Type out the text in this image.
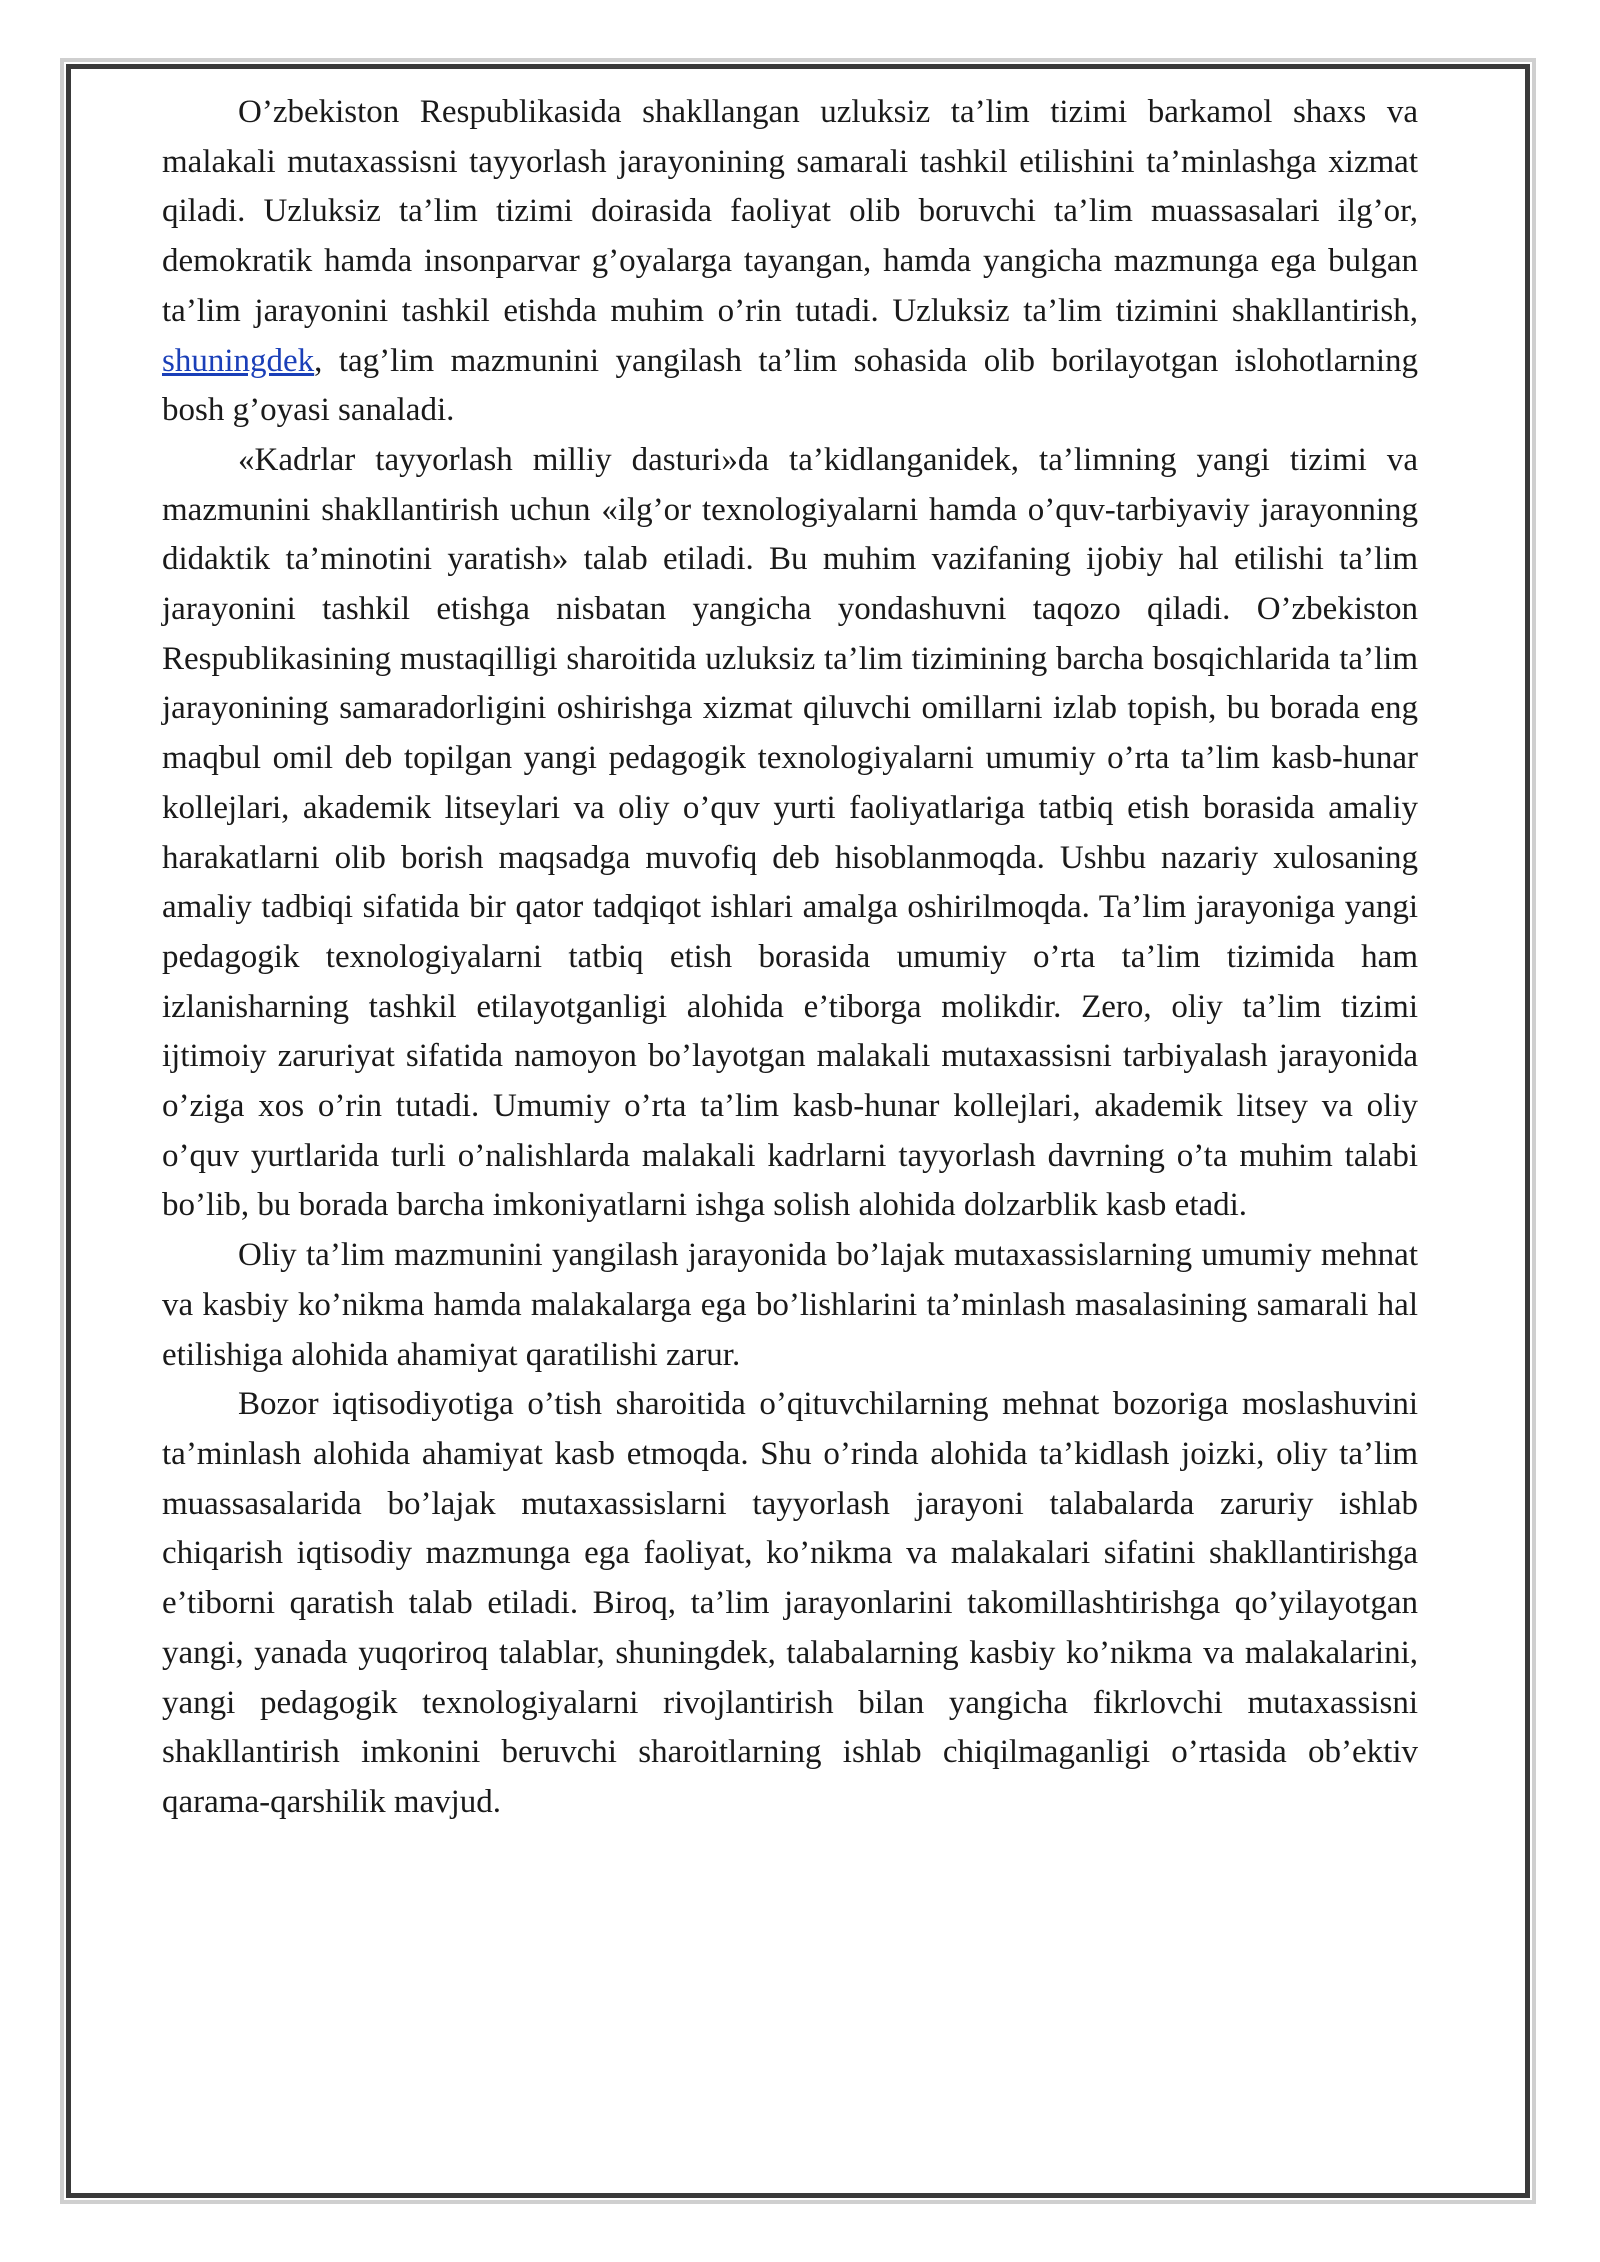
O’zbekiston Respublikasida shakllangan uzluksiz ta’lim tizimi barkamol shaxs va malakali mutaxassisni tayyorlash jarayonining samarali tashkil etilishini ta’minlashga xizmat qiladi. Uzluksiz ta’lim tizimi doirasida faoliyat olib boruvchi ta’lim muassasalari ilg’or, demokratik hamda insonparvar g’oyalarga tayangan, hamda yangicha mazmunga ega bulgan ta’lim jarayonini tashkil etishda muhim o’rin tutadi. Uzluksiz ta’lim tizimini shakllantirish, shuningdek, tag’lim mazmunini yangilash ta’lim sohasida olib borilayotgan islohotlarning bosh g’oyasi sanaladi.

«Kadrlar tayyorlash milliy dasturi»da ta’kidlanganidek, ta’limning yangi tizimi va mazmunini shakllantirish uchun «ilg’or texnologiyalarni hamda o’quv-tarbiyaviy jarayonning didaktik ta’minotini yaratish» talab etiladi. Bu muhim vazifaning ijobiy hal etilishi ta’lim jarayonini tashkil etishga nisbatan yangicha yondashuvni taqozo qiladi. O’zbekiston Respublikasining mustaqilligi sharoitida uzluksiz ta’lim tizimining barcha bosqichlarida ta’lim jarayonining samaradorligini oshirishga xizmat qiluvchi omillarni izlab topish, bu borada eng maqbul omil deb topilgan yangi pedagogik texnologiyalarni umumiy o’rta ta’lim kasb-hunar kollejlari, akademik litseylari va oliy o’quv yurti faoliyatlariga tatbiq etish borasida amaliy harakatlarni olib borish maqsadga muvofiq deb hisoblanmoqda. Ushbu nazariy xulosaning amaliy tadbiqi sifatida bir qator tadqiqot ishlari amalga oshirilmoqda. Ta’lim jarayoniga yangi pedagogik texnologiyalarni tatbiq etish borasida umumiy o’rta ta’lim tizimida ham izlanisharning tashkil etilayotganligi alohida e’tiborga molikdir. Zero, oliy ta’lim tizimi ijtimoiy zaruriyat sifatida namoyon bo’layotgan malakali mutaxassisni tarbiyalash jarayonida o’ziga xos o’rin tutadi. Umumiy o’rta ta’lim kasb-hunar kollejlari, akademik litsey va oliy o’quv yurtlarida turli o’nalishlarda malakali kadrlarni tayyorlash davrning o’ta muhim talabi bo’lib, bu borada barcha imkoniyatlarni ishga solish alohida dolzarblik kasb etadi.

Oliy ta’lim mazmunini yangilash jarayonida bo’lajak mutaxassislarning umumiy mehnat va kasbiy ko’nikma hamda malakalarga ega bo’lishlarini ta’minlash masalasining samarali hal etilishiga alohida ahamiyat qaratilishi zarur.

Bozor iqtisodiyotiga o’tish sharoitida o’qituvchilarning mehnat bozoriga moslashuvini ta’minlash alohida ahamiyat kasb etmoqda. Shu o’rinda alohida ta’kidlash joizki, oliy ta’lim muassasalarida bo’lajak mutaxassislarni tayyorlash jarayoni talabalarda zaruriy ishlab chiqarish iqtisodiy mazmunga ega faoliyat, ko’nikma va malakalari sifatini shakllantirishga e’tiborni qaratish talab etiladi. Biroq, ta’lim jarayonlarini takomillashtirishga qo’yilayotgan yangi, yanada yuqoriroq talablar, shuningdek, talabalarning kasbiy ko’nikma va malakalarini, yangi pedagogik texnologiyalarni rivojlantirish bilan yangicha fikrlovchi mutaxassisni shakllantirish imkonini beruvchi sharoitlarning ishlab chiqilmaganligi o’rtasida ob’ektiv qarama-qarshilik mavjud.
